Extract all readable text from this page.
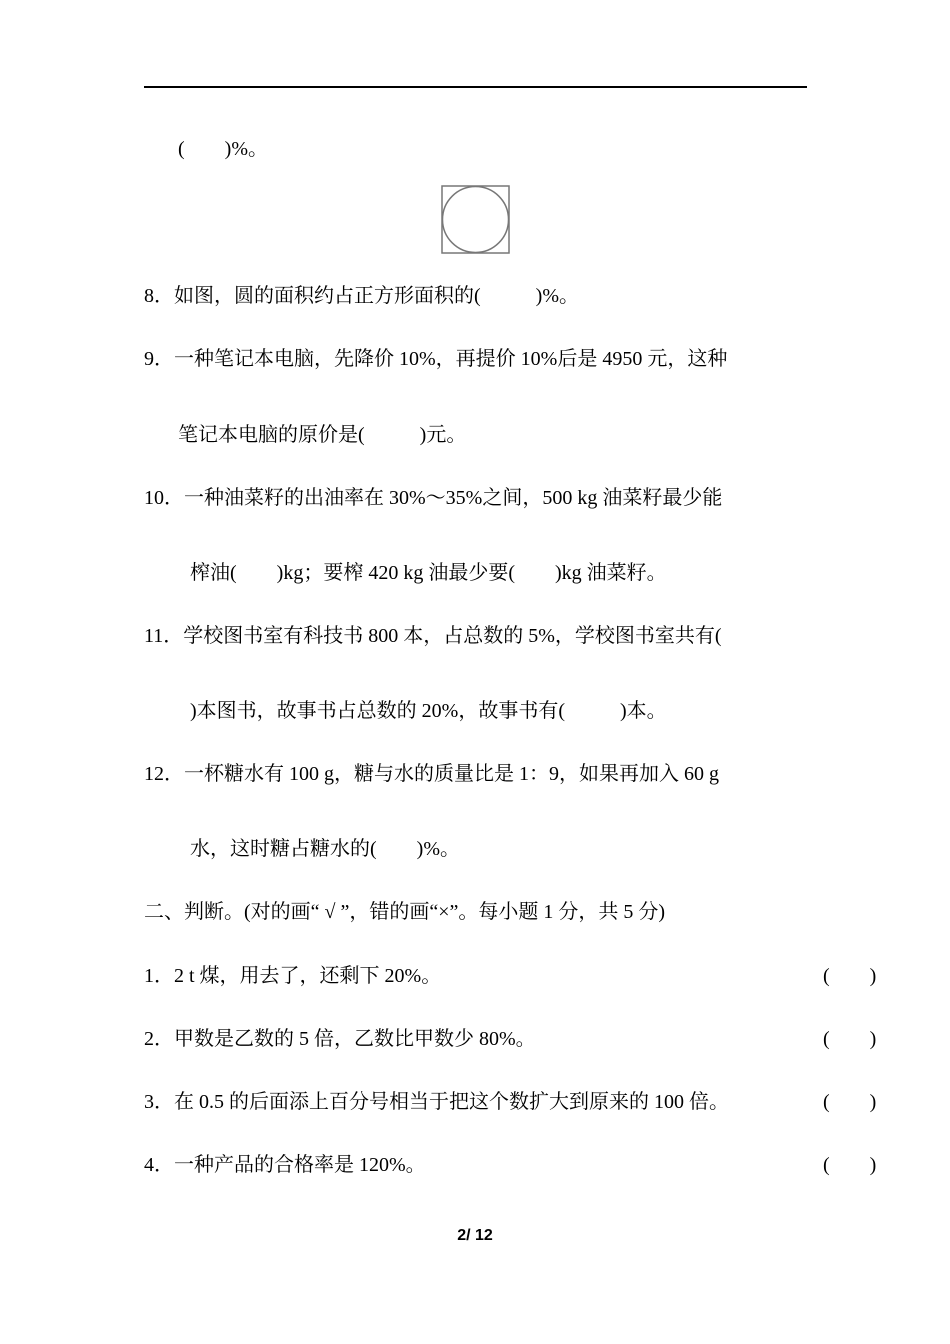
(        )%。
8．如图，圆的面积约占正方形面积的(           )%。
9．一种笔记本电脑，先降价 10%，再提价 10%后是 4950 元，这种
笔记本电脑的原价是(           )元。
10．一种油菜籽的出油率在 30%～35%之间，500 kg 油菜籽最少能
榨油(        )kg；要榨 420 kg 油最少要(        )kg 油菜籽。
11．学校图书室有科技书 800 本，占总数的 5%，学校图书室共有(
)本图书，故事书占总数的 20%，故事书有(           )本。
12．一杯糖水有 100 g，糖与水的质量比是 1：9，如果再加入 60 g
水，这时糖占糖水的(        )%。
二、判断。(对的画“ √ ”，错的画“×”。每小题 1 分，共 5 分)
1．2 t 煤，用去了，还剩下 20%。	(        )
2．甲数是乙数的 5 倍，乙数比甲数少 80%。	(        )
3．在 0.5 的后面添上百分号相当于把这个数扩大到原来的 100 倍。	(        )
4．一种产品的合格率是 120%。	(        )
2/ 12
